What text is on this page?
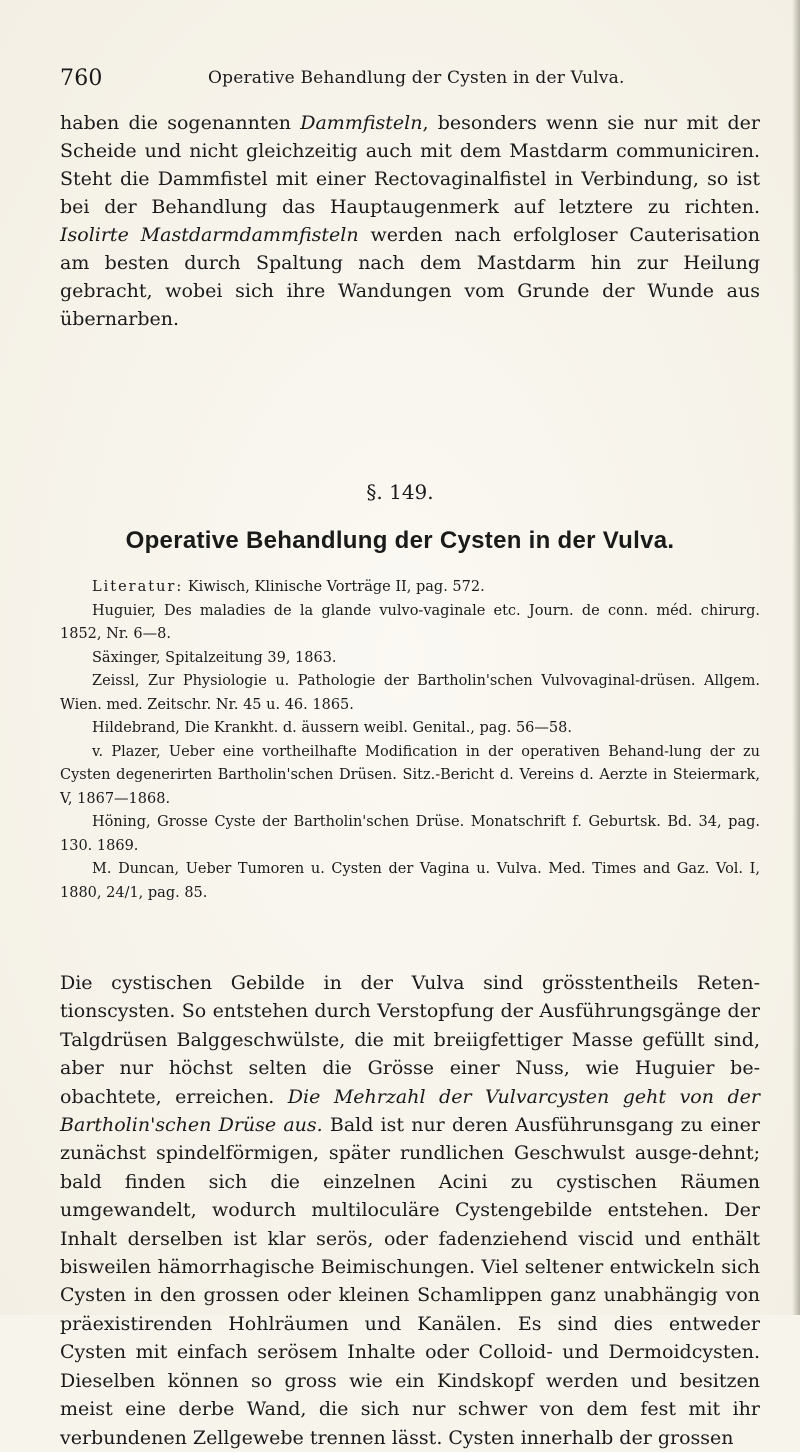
760	Operative Behandlung der Cysten in der Vulva.

haben die sogenannten Dammfisteln, besonders wenn sie nur mit der Scheide und nicht gleichzeitig auch mit dem Mastdarm communiciren. Steht die Dammfistel mit einer Rectovaginalfistel in Verbindung, so ist bei der Behandlung das Hauptaugenmerk auf letztere zu richten. Isolirte Mastdarmdammfisteln werden nach erfolgloser Cauterisation am besten durch Spaltung nach dem Mastdarm hin zur Heilung gebracht, wobei sich ihre Wandungen vom Grunde der Wunde aus übernarben.

§. 149.
Operative Behandlung der Cysten in der Vulva.

Literatur: Kiwisch, Klinische Vorträge II, pag. 572.

Huguier, Des maladies de la glande vulvo-vaginale etc. Journ. de conn. méd. chirurg. 1852, Nr. 6—8.

Säxinger, Spitalzeitung 39, 1863.

Zeissl, Zur Physiologie u. Pathologie der Bartholin'schen Vulvovaginal-drüsen. Allgem. Wien. med. Zeitschr. Nr. 45 u. 46. 1865.

Hildebrand, Die Krankht. d. äussern weibl. Genital., pag. 56—58.

v. Plazer, Ueber eine vortheilhafte Modification in der operativen Behand-lung der zu Cysten degenerirten Bartholin'schen Drüsen. Sitz.-Bericht d. Vereins d. Aerzte in Steiermark, V, 1867—1868.

Höning, Grosse Cyste der Bartholin'schen Drüse. Monatschrift f. Geburtsk. Bd. 34, pag. 130. 1869.

M. Duncan, Ueber Tumoren u. Cysten der Vagina u. Vulva. Med. Times and Gaz. Vol. I, 1880, 24/1, pag. 85.

Die cystischen Gebilde in der Vulva sind grösstentheils Reten-tionscysten. So entstehen durch Verstopfung der Ausführungsgänge der Talgdrüsen Balggeschwülste, die mit breiigfettiger Masse gefüllt sind, aber nur höchst selten die Grösse einer Nuss, wie Huguier be-obachtete, erreichen. Die Mehrzahl der Vulvarcysten geht von der Bartholin'schen Drüse aus. Bald ist nur deren Ausführunsgang zu einer zunächst spindelförmigen, später rundlichen Geschwulst ausge-dehnt; bald finden sich die einzelnen Acini zu cystischen Räumen umgewandelt, wodurch multiloculäre Cystengebilde entstehen. Der Inhalt derselben ist klar serös, oder fadenziehend viscid und enthält bisweilen hämorrhagische Beimischungen. Viel seltener entwickeln sich Cysten in den grossen oder kleinen Schamlippen ganz unabhängig von präexistirenden Hohlräumen und Kanälen. Es sind dies entweder Cysten mit einfach serösem Inhalte oder Colloid- und Dermoidcysten. Dieselben können so gross wie ein Kindskopf werden und besitzen meist eine derbe Wand, die sich nur schwer von dem fest mit ihr verbundenen Zellgewebe trennen lässt. Cysten innerhalb der grossen
